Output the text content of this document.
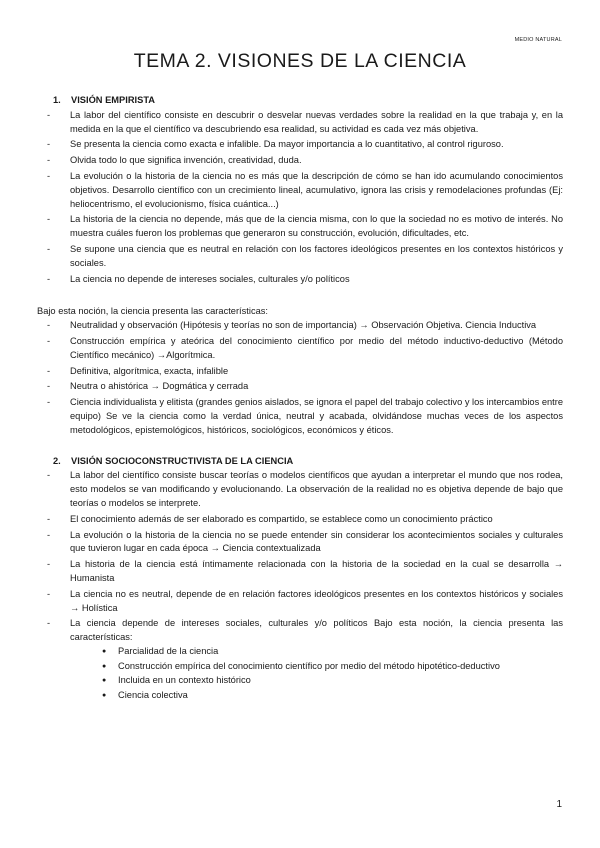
MEDIO NATURAL
TEMA 2. VISIONES DE LA CIENCIA
1. VISIÓN EMPIRISTA
- La labor del científico consiste en descubrir o desvelar nuevas verdades sobre la realidad en la que trabaja y, en la medida en la que el científico va descubriendo esa realidad, su actividad es cada vez más objetiva.
- Se presenta la ciencia como exacta e infalible. Da mayor importancia a lo cuantitativo, al control riguroso.
- Olvida todo lo que significa invención, creatividad, duda.
- La evolución o la historia de la ciencia no es más que la descripción de cómo se han ido acumulando conocimientos objetivos. Desarrollo científico con un crecimiento lineal, acumulativo, ignora las crisis y remodelaciones profundas (Ej: heliocentrismo, el evolucionismo, física cuántica...)
- La historia de la ciencia no depende, más que de la ciencia misma, con lo que la sociedad no es motivo de interés. No muestra cuáles fueron los problemas que generaron su construcción, evolución, dificultades, etc.
- Se supone una ciencia que es neutral en relación con los factores ideológicos presentes en los contextos históricos y sociales.
- La ciencia no depende de intereses sociales, culturales y/o políticos

Bajo esta noción, la ciencia presenta las características:

- Neutralidad y observación (Hipótesis y teorías no son de importancia) → Observación Objetiva. Ciencia Inductiva
- Construcción empírica y ateórica del conocimiento científico por medio del método inductivo-deductivo (Método Científico mecánico) →Algorítmica.
- Definitiva, algorítmica, exacta, infalible
- Neutra o ahistórica → Dogmática y cerrada
- Ciencia individualista y elitista (grandes genios aislados, se ignora el papel del trabajo colectivo y los intercambios entre equipo) Se ve la ciencia como la verdad única, neutral y acabada, olvidándose muchas veces de los aspectos metodológicos, epistemológicos, históricos, sociológicos, económicos y éticos.
2. VISIÓN SOCIOCONSTRUCTIVISTA DE LA CIENCIA
- La labor del científico consiste buscar teorías o modelos científicos que ayudan a interpretar el mundo que nos rodea, esto modelos se van modificando y evolucionando. La observación de la realidad no es objetiva depende de bajo que teorías o modelos se interprete.
- El conocimiento además de ser elaborado es compartido, se establece como un conocimiento práctico
- La evolución o la historia de la ciencia no se puede entender sin considerar los acontecimientos sociales y culturales que tuvieron lugar en cada época → Ciencia contextualizada
- La historia de la ciencia está íntimamente relacionada con la historia de la sociedad en la cual se desarrolla → Humanista
- La ciencia no es neutral, depende de en relación factores ideológicos presentes en los contextos históricos y sociales → Holística
- La ciencia depende de intereses sociales, culturales y/o políticos Bajo esta noción, la ciencia presenta las características:
● Parcialidad de la ciencia
● Construcción empírica del conocimiento científico por medio del método hipotético-deductivo
● Incluida en un contexto histórico
● Ciencia colectiva
1
